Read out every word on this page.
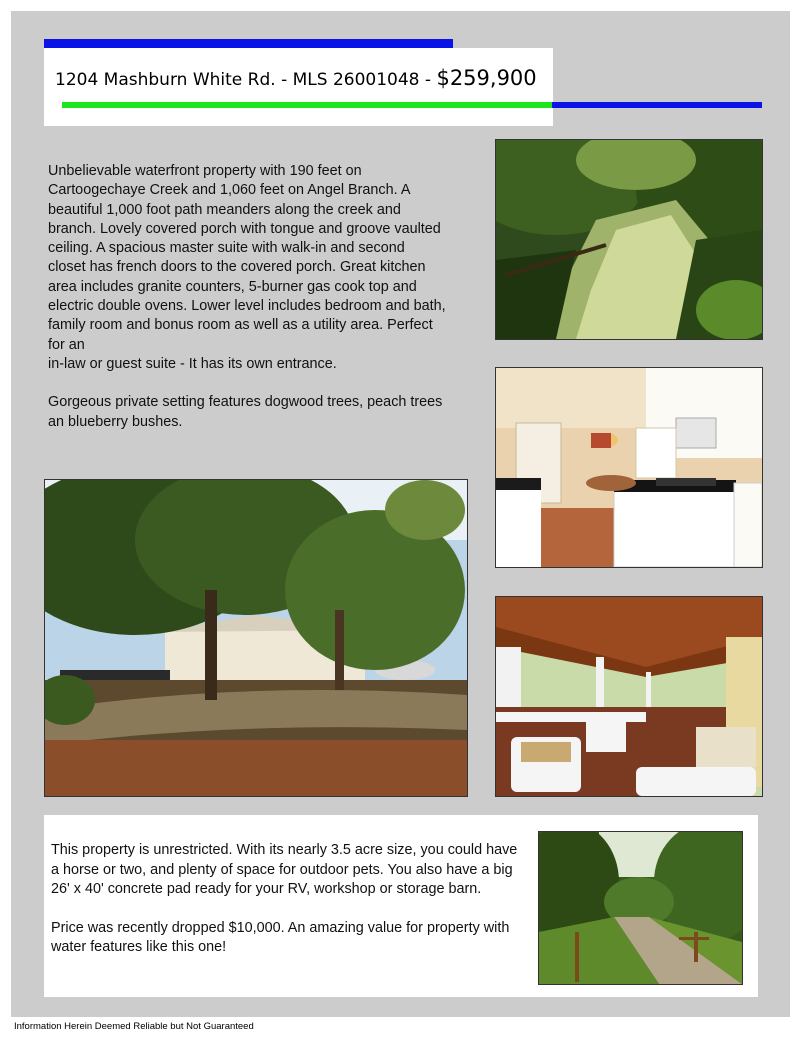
1204 Mashburn White Rd. - MLS 26001048 - $259,900

Unbelievable waterfront property with 190 feet on
Cartoogechaye Creek and 1,060 feet on Angel Branch. A
beautiful 1,000 foot path meanders along the creek and
branch. Lovely covered porch with tongue and groove vaulted
ceiling. A spacious master suite with walk-in and second
closet has french doors to the covered porch. Great kitchen
area includes granite counters, 5-burner gas cook top and
electric double ovens. Lower level includes bedroom and bath,
family room and bonus room as well as a utility area. Perfect
for an
in-law or guest suite - It has its own entrance.

Gorgeous private setting features dogwood trees, peach trees
an blueberry bushes.

This property is unrestricted. With its nearly 3.5 acre size, you could have a horse or two, and plenty of space for outdoor pets. You also have a big 26' x 40' concrete pad ready for your RV, workshop or storage barn.

Price was recently dropped $10,000. An amazing value for property with water features like this one!

Information Herein Deemed Reliable but Not Guaranteed
